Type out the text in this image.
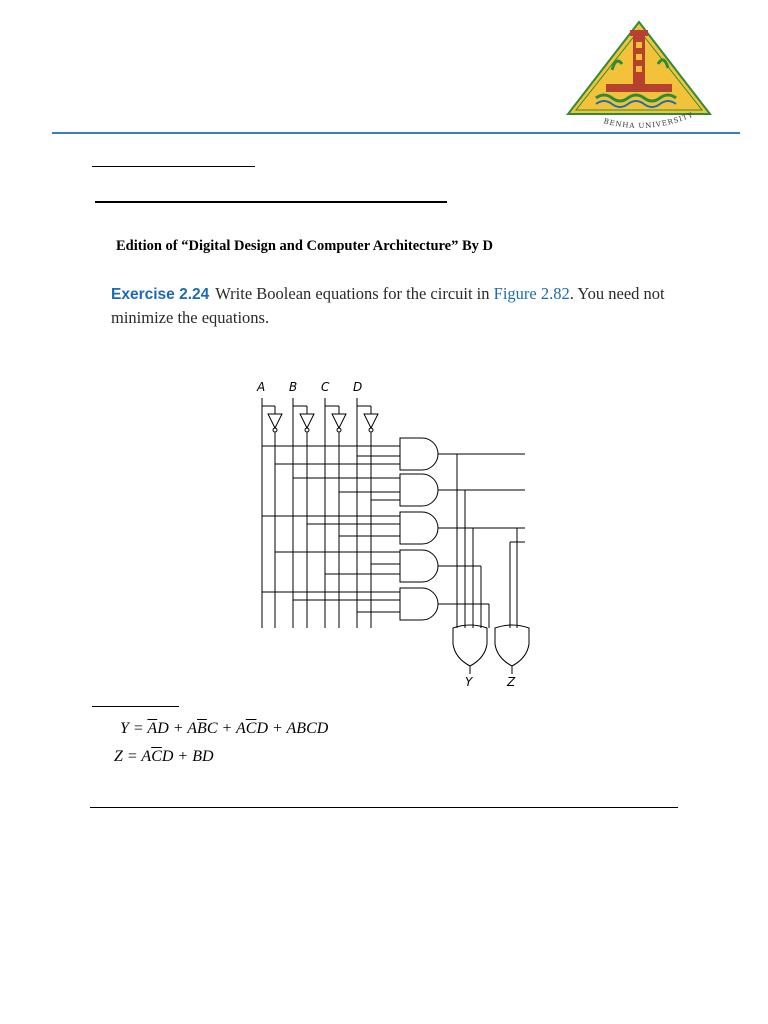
BENHA UNIVERSITY
Edition of “Digital Design and Computer Architecture” By D
Exercise 2.24 Write Boolean equations for the circuit in Figure 2.82. You need not minimize the equations.
A B C D
Y	Z
$Y = \overline{A}D + A\overline{B}C + A\overline{C}D$ + ABCD
$Z = A\overline{C}D$ + BD
